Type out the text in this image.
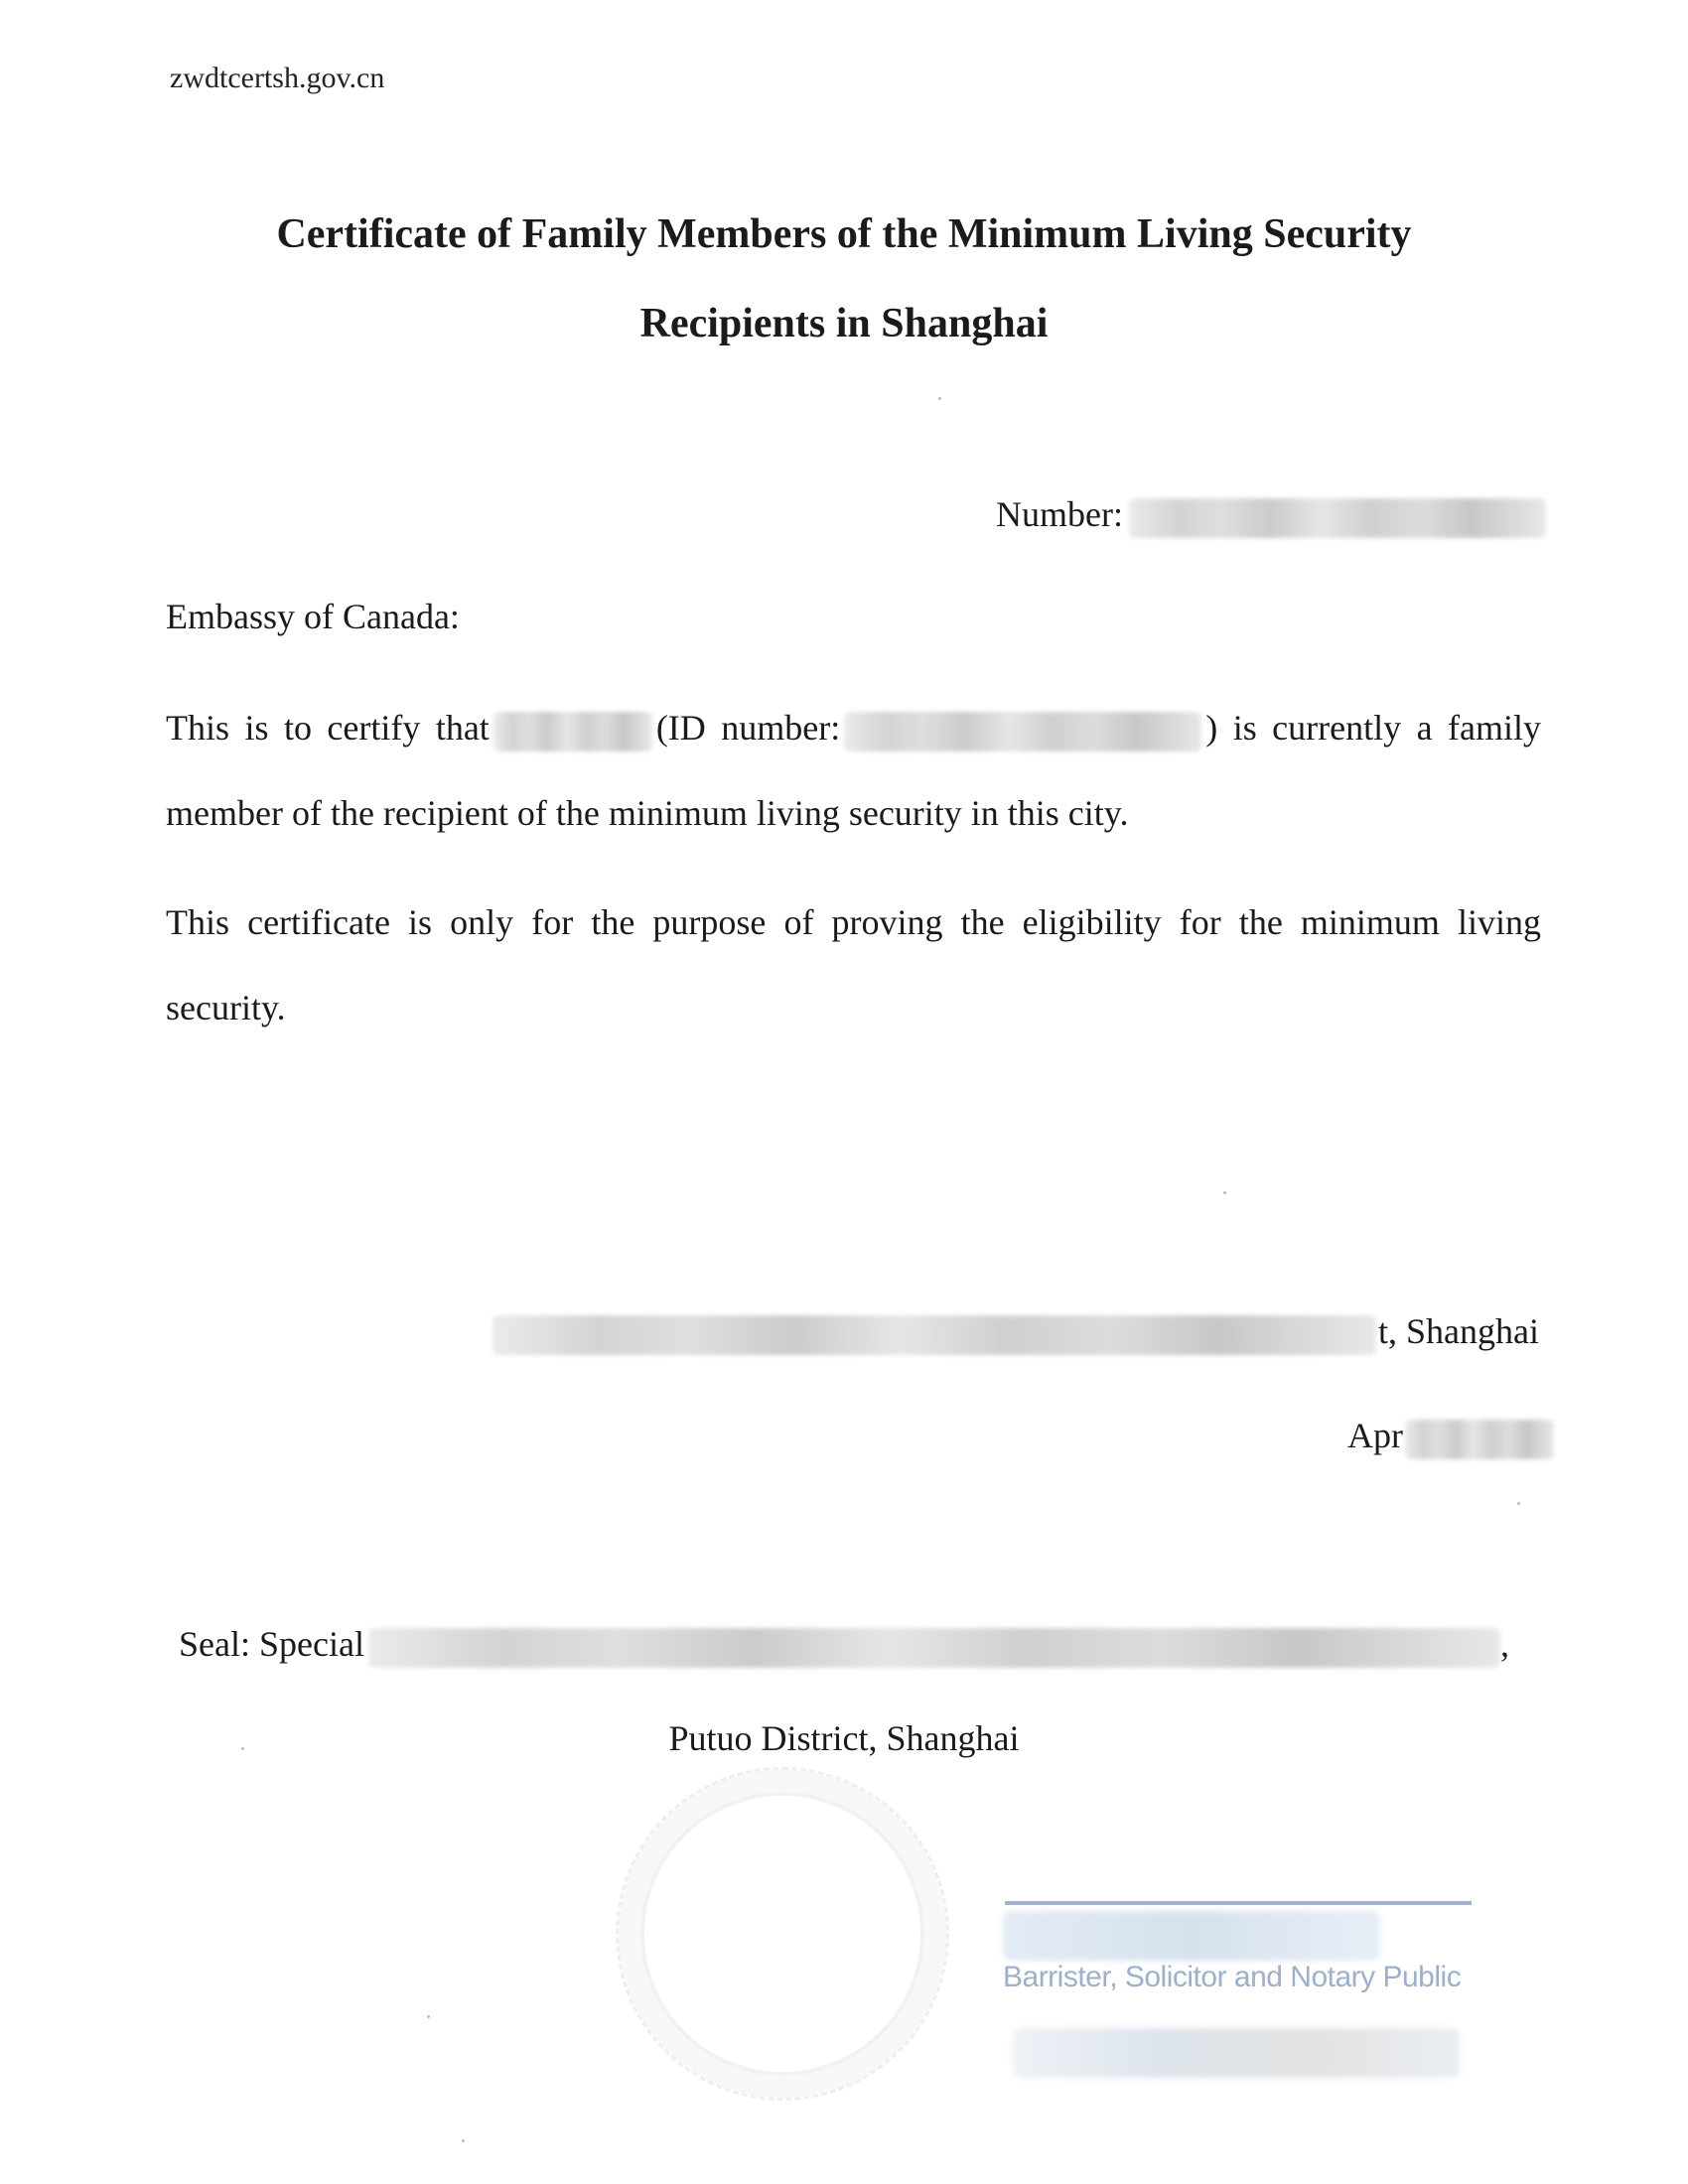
zwdtcertsh.gov.cn
Certificate of Family Members of the Minimum Living Security
Recipients in Shanghai
Number:
Embassy of Canada:
This is to certify that	(ID number:	) is currently a family member of the recipient of the minimum living security in this city.
This certificate is only for the purpose of proving the eligibility for the minimum living security.
t, Shanghai
Apr
Seal: Special	,
Putuo District, Shanghai
Barrister, Solicitor and Notary Public
